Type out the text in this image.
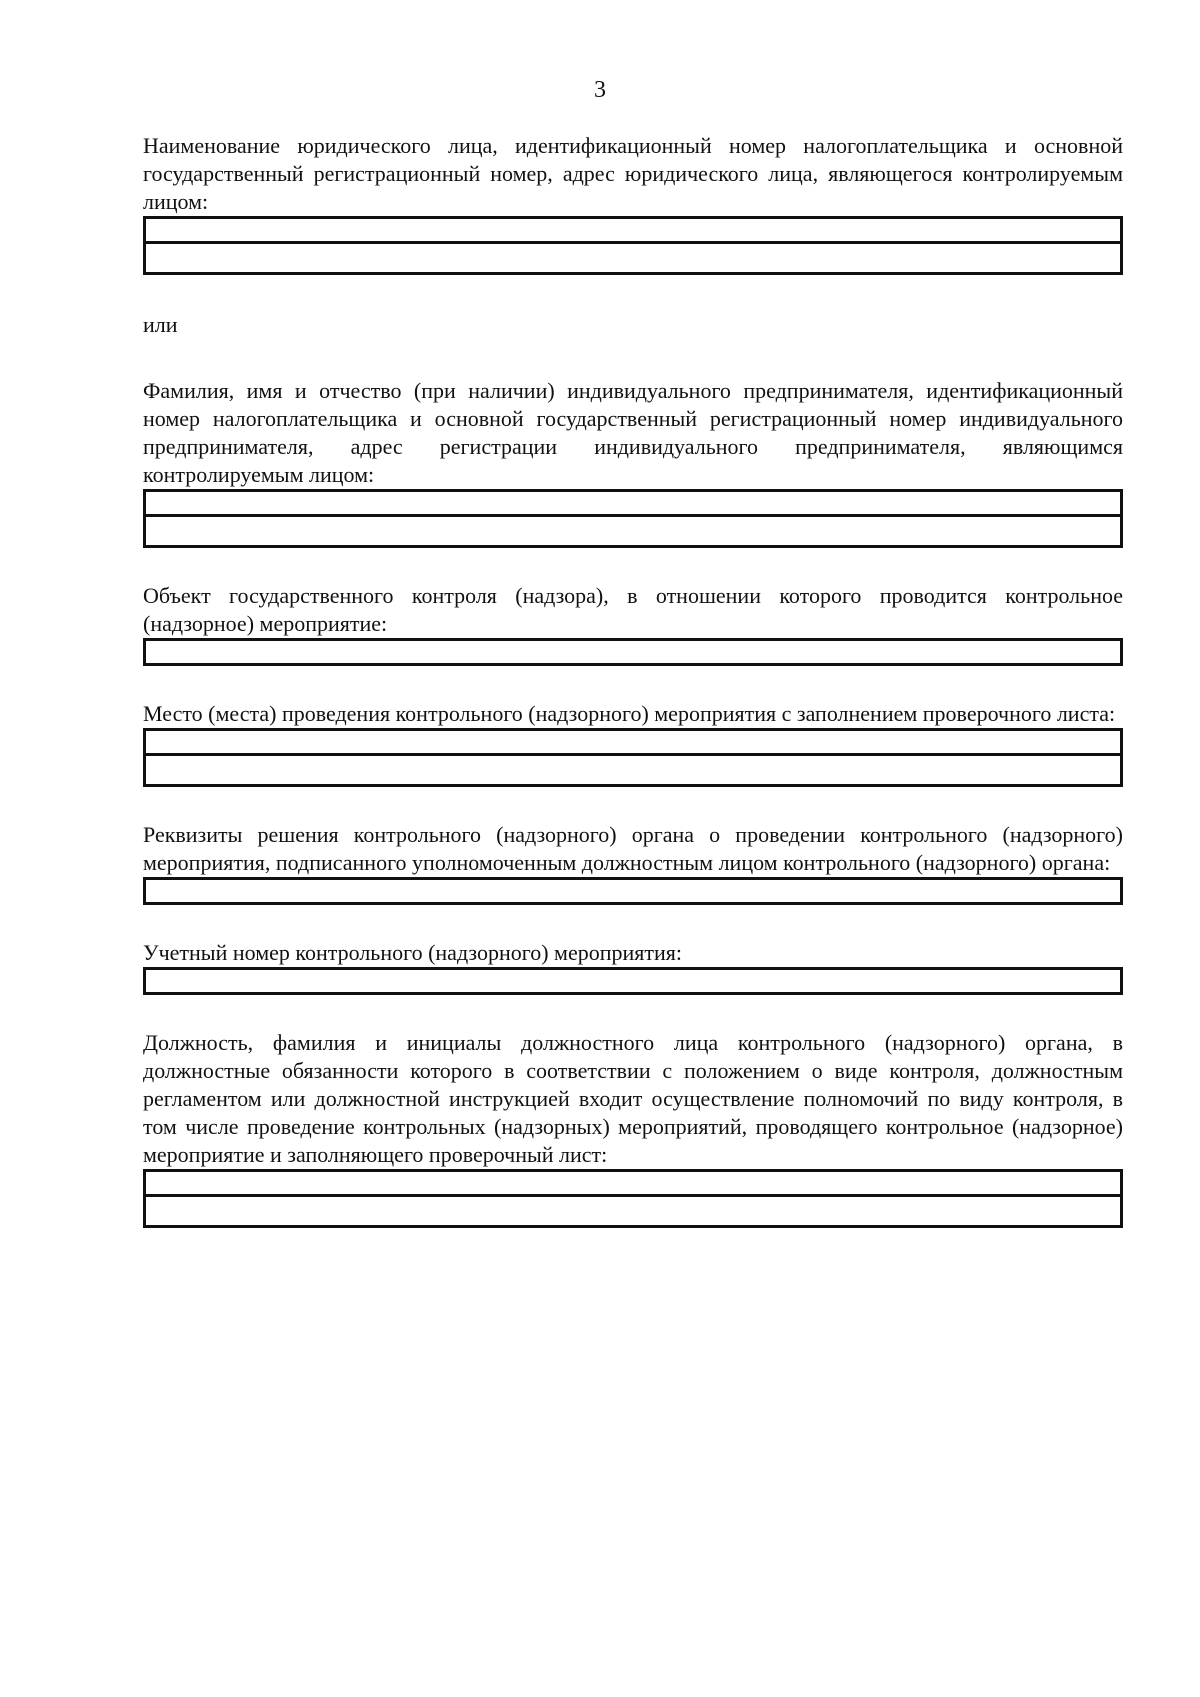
3

Наименование юридического лица, идентификационный номер налогоплательщика и основной государственный регистрационный номер, адрес юридического лица, являющегося контролируемым лицом:

или

Фамилия, имя и отчество (при наличии) индивидуального предпринимателя, идентификационный номер налогоплательщика и основной государственный регистрационный номер индивидуального предпринимателя, адрес регистрации индивидуального предпринимателя, являющимся контролируемым лицом:

Объект государственного контроля (надзора), в отношении которого проводится контрольное (надзорное) мероприятие:

Место (места) проведения контрольного (надзорного) мероприятия с заполнением проверочного листа:

Реквизиты решения контрольного (надзорного) органа о проведении контрольного (надзорного) мероприятия, подписанного уполномоченным должностным лицом контрольного (надзорного) органа:

Учетный номер контрольного (надзорного) мероприятия:

Должность, фамилия и инициалы должностного лица контрольного (надзорного) органа, в должностные обязанности которого в соответствии с положением о виде контроля, должностным регламентом или должностной инструкцией входит осуществление полномочий по виду контроля, в том числе проведение контрольных (надзорных) мероприятий, проводящего контрольное (надзорное) мероприятие и заполняющего проверочный лист:
